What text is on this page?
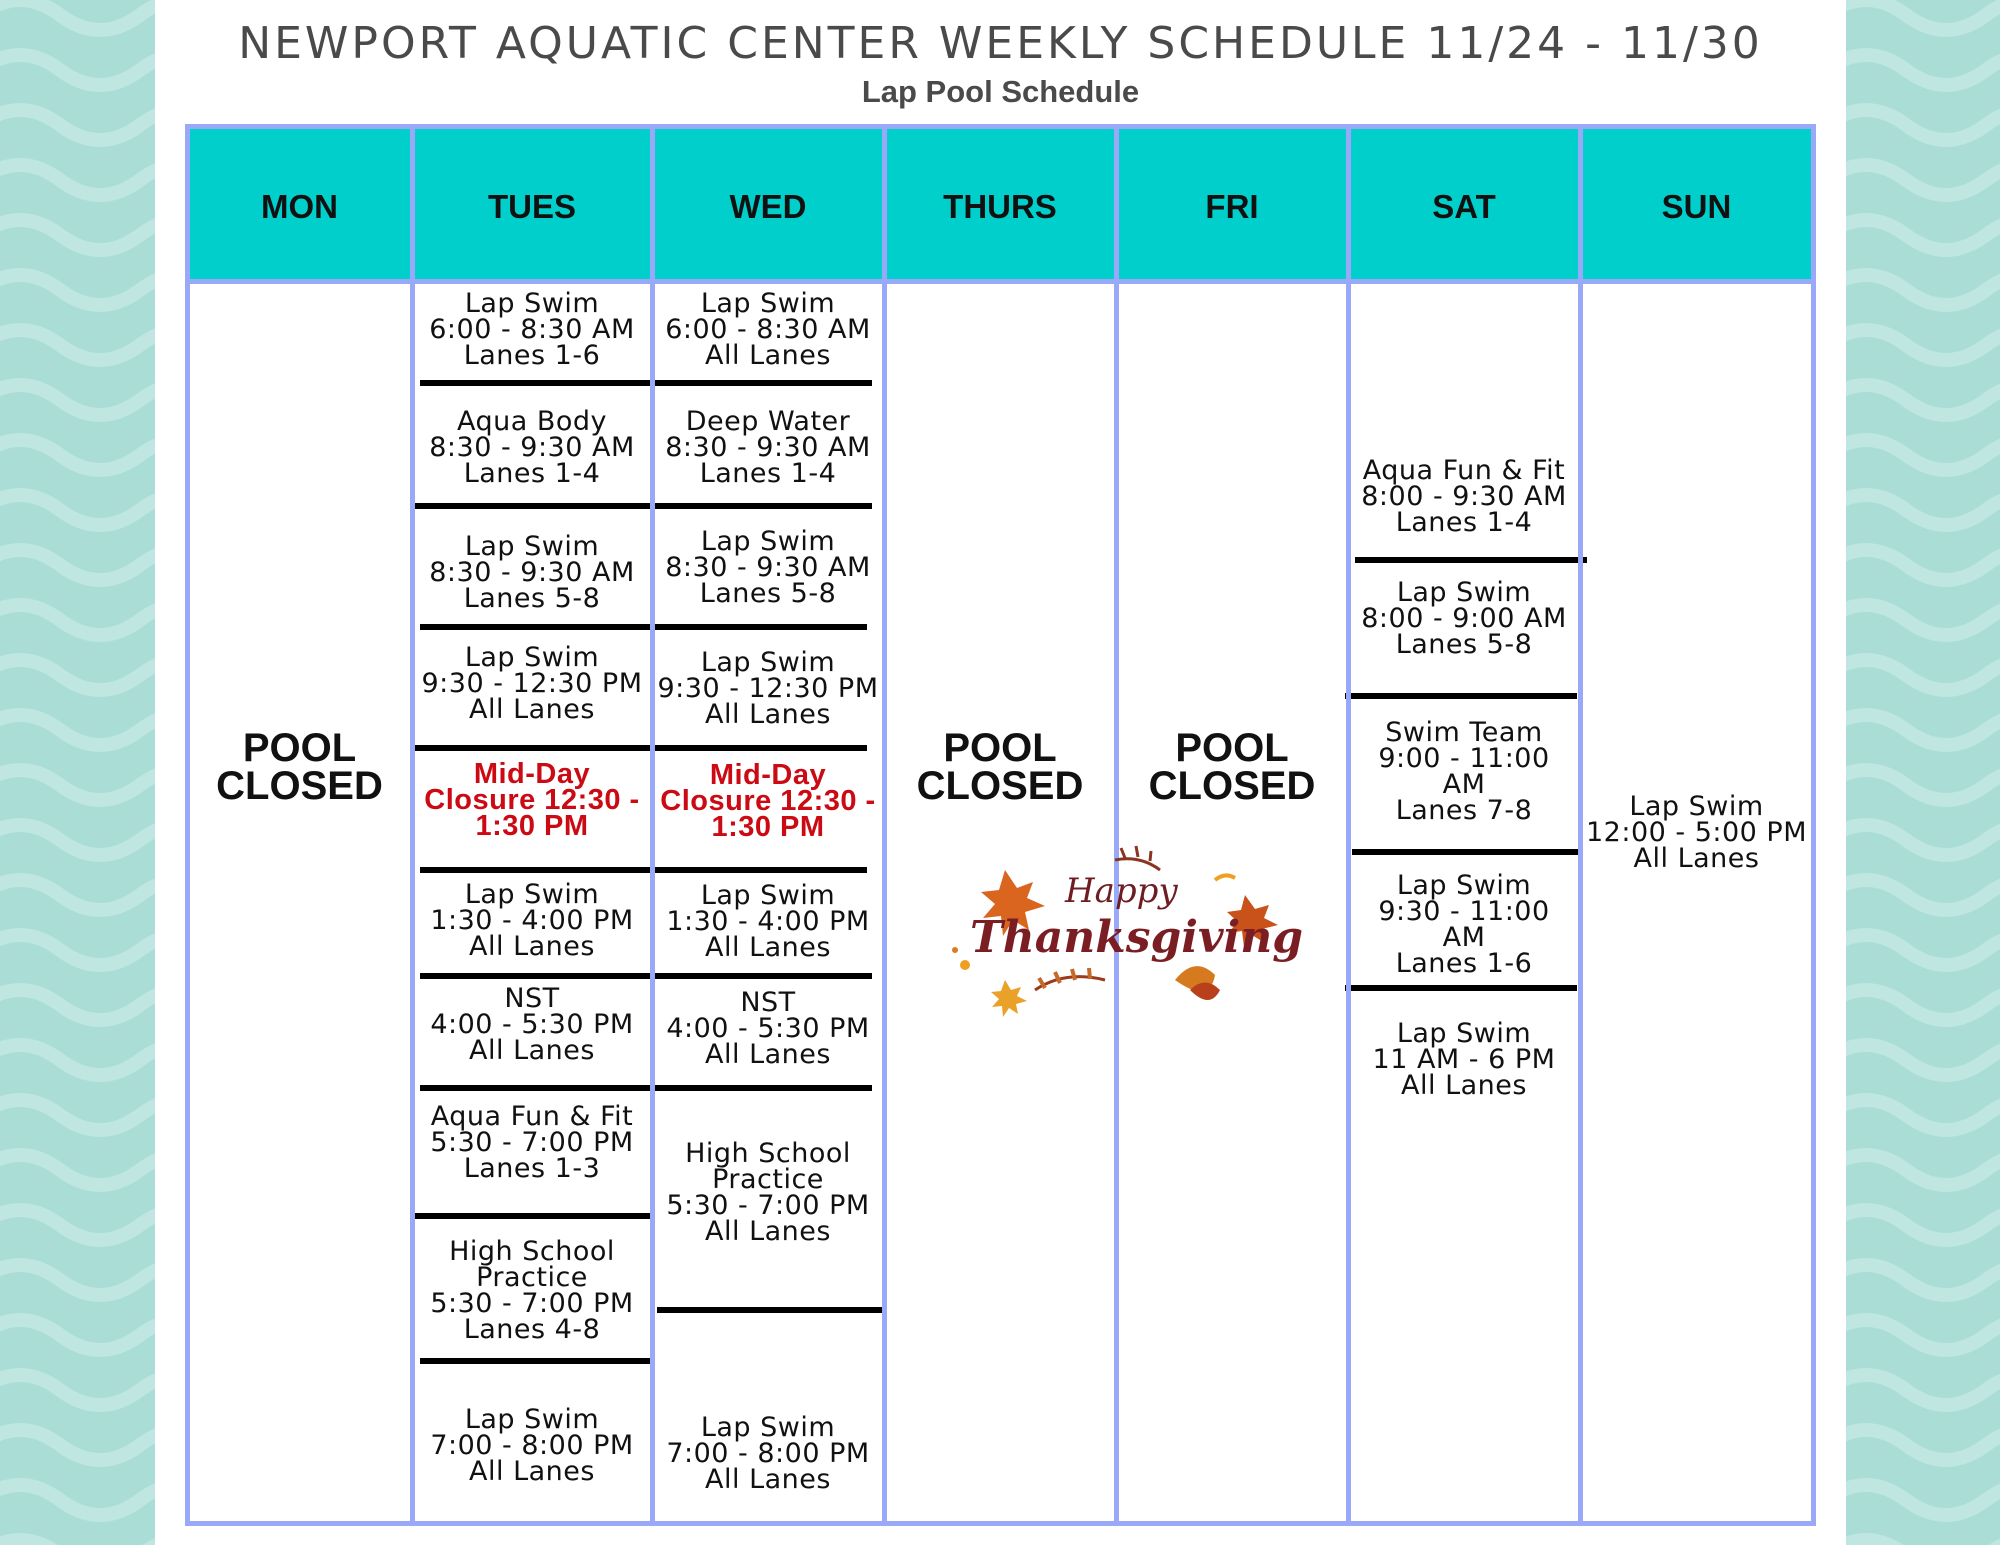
NEWPORT AQUATIC CENTER WEEKLY SCHEDULE 11/24 - 11/30
Lap Pool Schedule
MON
POOL
CLOSED
TUES
Lap Swim
6:00 - 8:30 AM
Lanes 1-6
Aqua Body
8:30 - 9:30 AM
Lanes 1-4
Lap Swim
8:30 - 9:30 AM
Lanes 5-8
Lap Swim
9:30 - 12:30 PM
All Lanes
Mid-Day
Closure 12:30 -
1:30 PM
Lap Swim
1:30 - 4:00 PM
All Lanes
NST
4:00 - 5:30 PM
All Lanes
Aqua Fun & Fit
5:30 - 7:00 PM
Lanes 1-3
High School
Practice
5:30 - 7:00 PM
Lanes 4-8
Lap Swim
7:00 - 8:00 PM
All Lanes
WED
Lap Swim
6:00 - 8:30 AM
All Lanes
Deep Water
8:30 - 9:30 AM
Lanes 1-4
Lap Swim
8:30 - 9:30 AM
Lanes 5-8
Lap Swim
9:30 - 12:30 PM
All Lanes
Mid-Day
Closure 12:30 -
1:30 PM
Lap Swim
1:30 - 4:00 PM
All Lanes
NST
4:00 - 5:30 PM
All Lanes
High School
Practice
5:30 - 7:00 PM
All Lanes
Lap Swim
7:00 - 8:00 PM
All Lanes
THURS
POOL
CLOSED
FRI
POOL
CLOSED
SAT
Aqua Fun & Fit
8:00 - 9:30 AM
Lanes 1-4
Lap Swim
8:00 - 9:00 AM
Lanes 5-8
Swim Team
9:00 - 11:00 AM
Lanes 7-8
Lap Swim
9:30 - 11:00 AM
Lanes 1-6
Lap Swim
11 AM - 6 PM
All Lanes
SUN
Lap Swim
12:00 - 5:00 PM
All Lanes
Happy
Thanksgiving
